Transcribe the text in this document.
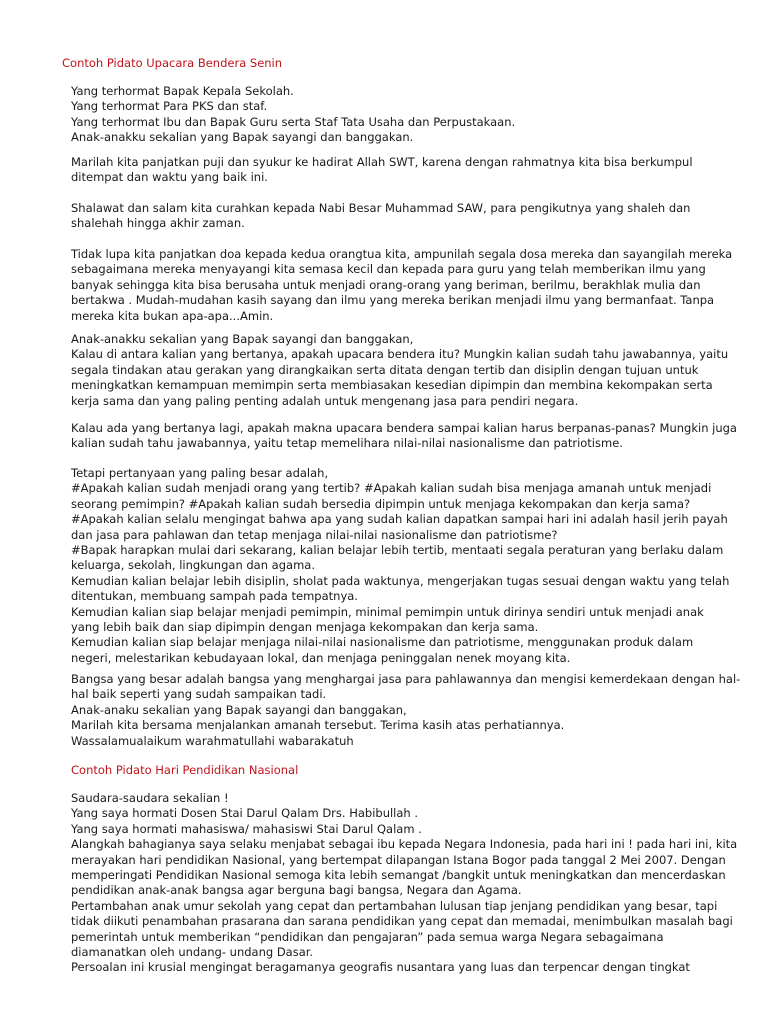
Contoh Pidato Upacara Bendera Senin
Yang terhormat Bapak Kepala Sekolah.
Yang terhormat Para PKS dan staf.
Yang terhormat Ibu dan Bapak Guru serta Staf Tata Usaha dan Perpustakaan.
Anak-anakku sekalian yang Bapak sayangi dan banggakan.
Marilah kita panjatkan puji dan syukur ke hadirat Allah SWT, karena dengan rahmatnya kita bisa berkumpul
ditempat dan waktu yang baik ini.
Shalawat dan salam kita curahkan kepada Nabi Besar Muhammad SAW, para pengikutnya yang shaleh dan
shalehah hingga akhir zaman.
Tidak lupa kita panjatkan doa kepada kedua orangtua kita, ampunilah segala dosa mereka dan sayangilah mereka
sebagaimana mereka menyayangi kita semasa kecil dan kepada para guru yang telah memberikan ilmu yang
banyak sehingga kita bisa berusaha untuk menjadi orang-orang yang beriman, berilmu, berakhlak mulia dan
bertakwa . Mudah-mudahan kasih sayang dan ilmu yang mereka berikan menjadi ilmu yang bermanfaat. Tanpa
mereka kita bukan apa-apa...Amin.
Anak-anakku sekalian yang Bapak sayangi dan banggakan,
Kalau di antara kalian yang bertanya, apakah upacara bendera itu? Mungkin kalian sudah tahu jawabannya, yaitu
segala tindakan atau gerakan yang dirangkaikan serta ditata dengan tertib dan disiplin dengan tujuan untuk
meningkatkan kemampuan memimpin serta membiasakan kesedian dipimpin dan membina kekompakan serta
kerja sama dan yang paling penting adalah untuk mengenang jasa para pendiri negara.
Kalau ada yang bertanya lagi, apakah makna upacara bendera sampai kalian harus berpanas-panas? Mungkin juga
kalian sudah tahu jawabannya, yaitu tetap memelihara nilai-nilai nasionalisme dan patriotisme.
Tetapi pertanyaan yang paling besar adalah,
#Apakah kalian sudah menjadi orang yang tertib? #Apakah kalian sudah bisa menjaga amanah untuk menjadi
seorang pemimpin? #Apakah kalian sudah bersedia dipimpin untuk menjaga kekompakan dan kerja sama?
#Apakah kalian selalu mengingat bahwa apa yang sudah kalian dapatkan sampai hari ini adalah hasil jerih payah
dan jasa para pahlawan dan tetap menjaga nilai-nilai nasionalisme dan patriotisme?
#Bapak harapkan mulai dari sekarang, kalian belajar lebih tertib, mentaati segala peraturan yang berlaku dalam
keluarga, sekolah, lingkungan dan agama.
Kemudian kalian belajar lebih disiplin, sholat pada waktunya, mengerjakan tugas sesuai dengan waktu yang telah
ditentukan, membuang sampah pada tempatnya.
Kemudian kalian siap belajar menjadi pemimpin, minimal pemimpin untuk dirinya sendiri untuk menjadi anak
yang lebih baik dan siap dipimpin dengan menjaga kekompakan dan kerja sama.
Kemudian kalian siap belajar menjaga nilai-nilai nasionalisme dan patriotisme, menggunakan produk dalam
negeri, melestarikan kebudayaan lokal, dan menjaga peninggalan nenek moyang kita.
Bangsa yang besar adalah bangsa yang menghargai jasa para pahlawannya dan mengisi kemerdekaan dengan hal-
hal baik seperti yang sudah sampaikan tadi.
Anak-anaku sekalian yang Bapak sayangi dan banggakan,
Marilah kita bersama menjalankan amanah tersebut. Terima kasih atas perhatiannya.
Wassalamualaikum warahmatullahi wabarakatuh
Contoh Pidato Hari Pendidikan Nasional
Saudara-saudara sekalian !
Yang saya hormati Dosen Stai Darul Qalam Drs. Habibullah .
Yang saya hormati mahasiswa/ mahasiswi Stai Darul Qalam .
Alangkah bahagianya saya selaku menjabat sebagai ibu kepada Negara Indonesia, pada hari ini ! pada hari ini, kita
merayakan hari pendidikan Nasional, yang bertempat dilapangan Istana Bogor pada tanggal 2 Mei 2007. Dengan
memperingati Pendidikan Nasional semoga kita lebih semangat /bangkit untuk meningkatkan dan mencerdaskan
pendidikan anak-anak bangsa agar berguna bagi bangsa, Negara dan Agama.
Pertambahan anak umur sekolah yang cepat dan pertambahan lulusan tiap jenjang pendidikan yang besar, tapi
tidak diikuti penambahan prasarana dan sarana pendidikan yang cepat dan memadai, menimbulkan masalah bagi
pemerintah untuk memberikan “pendidikan dan pengajaran” pada semua warga Negara sebagaimana
diamanatkan oleh undang- undang Dasar.
Persoalan ini krusial mengingat beragamanya geografis nusantara yang luas dan terpencar dengan tingkat
